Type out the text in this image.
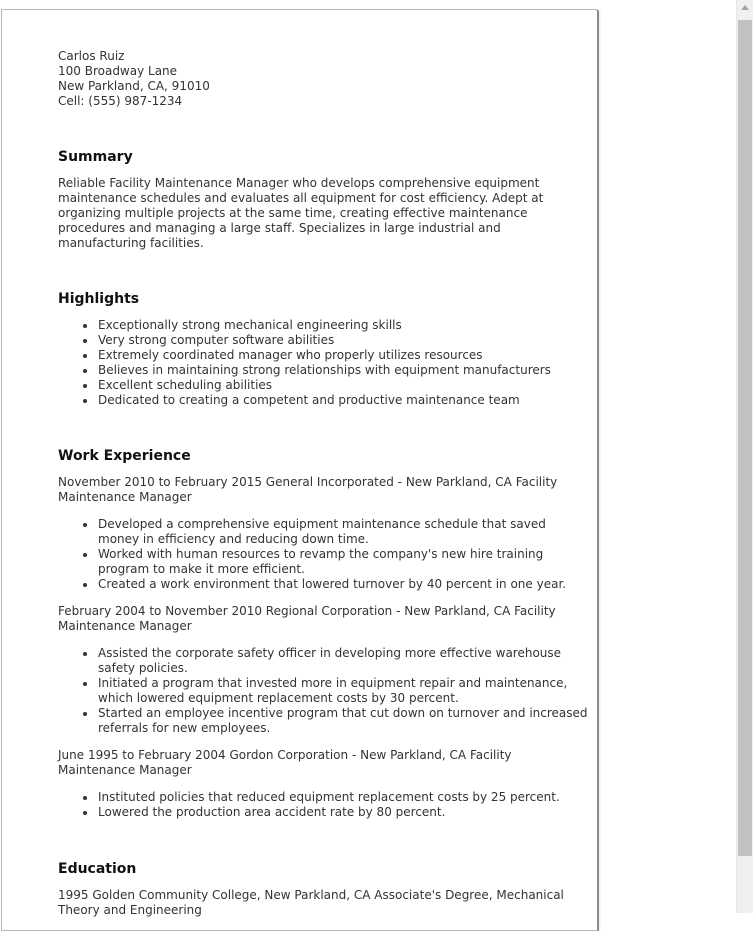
Carlos Ruiz
100 Broadway Lane
New Parkland, CA, 91010
Cell: (555) 987-1234
Summary

Reliable Facility Maintenance Manager who develops comprehensive equipment maintenance schedules and evaluates all equipment for cost efficiency. Adept at organizing multiple projects at the same time, creating effective maintenance procedures and managing a large staff. Specializes in large industrial and manufacturing facilities.

Highlights
Exceptionally strong mechanical engineering skills
Very strong computer software abilities
Extremely coordinated manager who properly utilizes resources
Believes in maintaining strong relationships with equipment manufacturers
Excellent scheduling abilities
Dedicated to creating a competent and productive maintenance team
Work Experience

November 2010 to February 2015 General Incorporated - New Parkland, CA Facility Maintenance Manager

Developed a comprehensive equipment maintenance schedule that saved money in efficiency and reducing down time.
Worked with human resources to revamp the company's new hire training program to make it more efficient.
Created a work environment that lowered turnover by 40 percent in one year.

February 2004 to November 2010 Regional Corporation - New Parkland, CA Facility Maintenance Manager

Assisted the corporate safety officer in developing more effective warehouse safety policies.
Initiated a program that invested more in equipment repair and maintenance, which lowered equipment replacement costs by 30 percent.
Started an employee incentive program that cut down on turnover and increased referrals for new employees.

June 1995 to February 2004 Gordon Corporation - New Parkland, CA Facility Maintenance Manager

Instituted policies that reduced equipment replacement costs by 25 percent.
Lowered the production area accident rate by 80 percent.
Education

1995 Golden Community College, New Parkland, CA Associate's Degree, Mechanical Theory and Engineering
